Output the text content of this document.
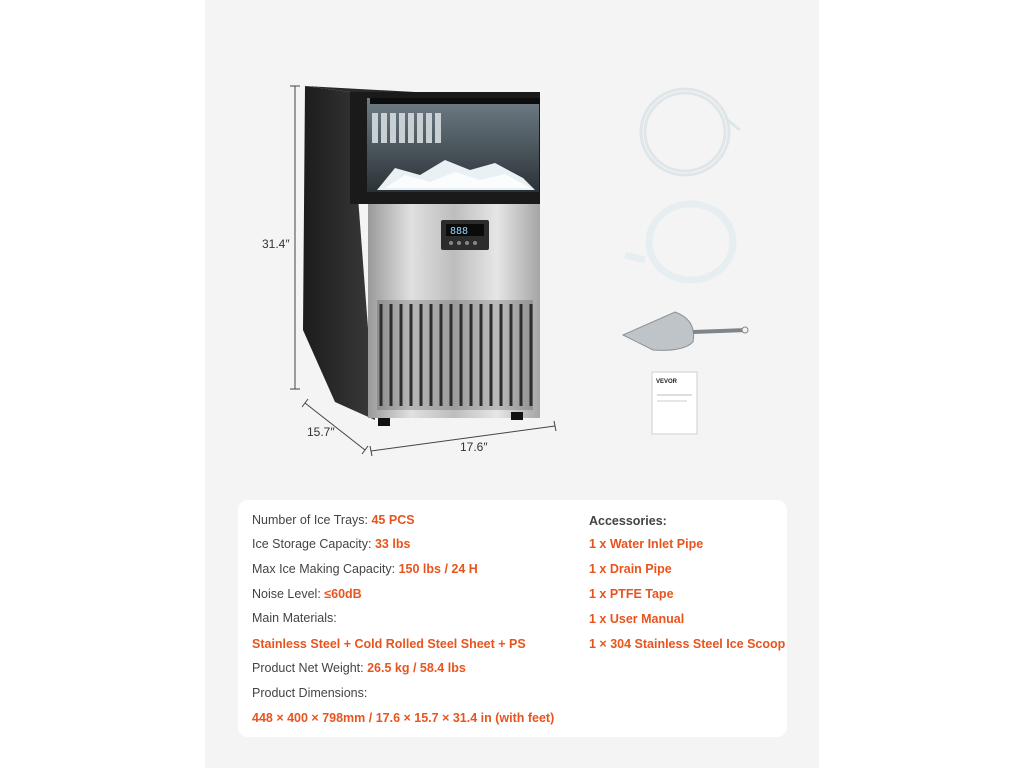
888
VEVOR
31.4″
15.7″
17.6″
Number of Ice Trays: 45 PCS
Ice Storage Capacity: 33 lbs
Max Ice Making Capacity: 150 lbs / 24 H
Noise Level: ≤60dB
Main Materials:
Stainless Steel + Cold Rolled Steel Sheet + PS
Product Net Weight: 26.5 kg / 58.4 lbs
Product Dimensions:
448 × 400 × 798mm / 17.6 × 15.7 × 31.4 in (with feet)
Accessories:
1 x Water Inlet Pipe
1 x Drain Pipe
1 x PTFE Tape
1 x User Manual
1 × 304 Stainless Steel Ice Scoop
